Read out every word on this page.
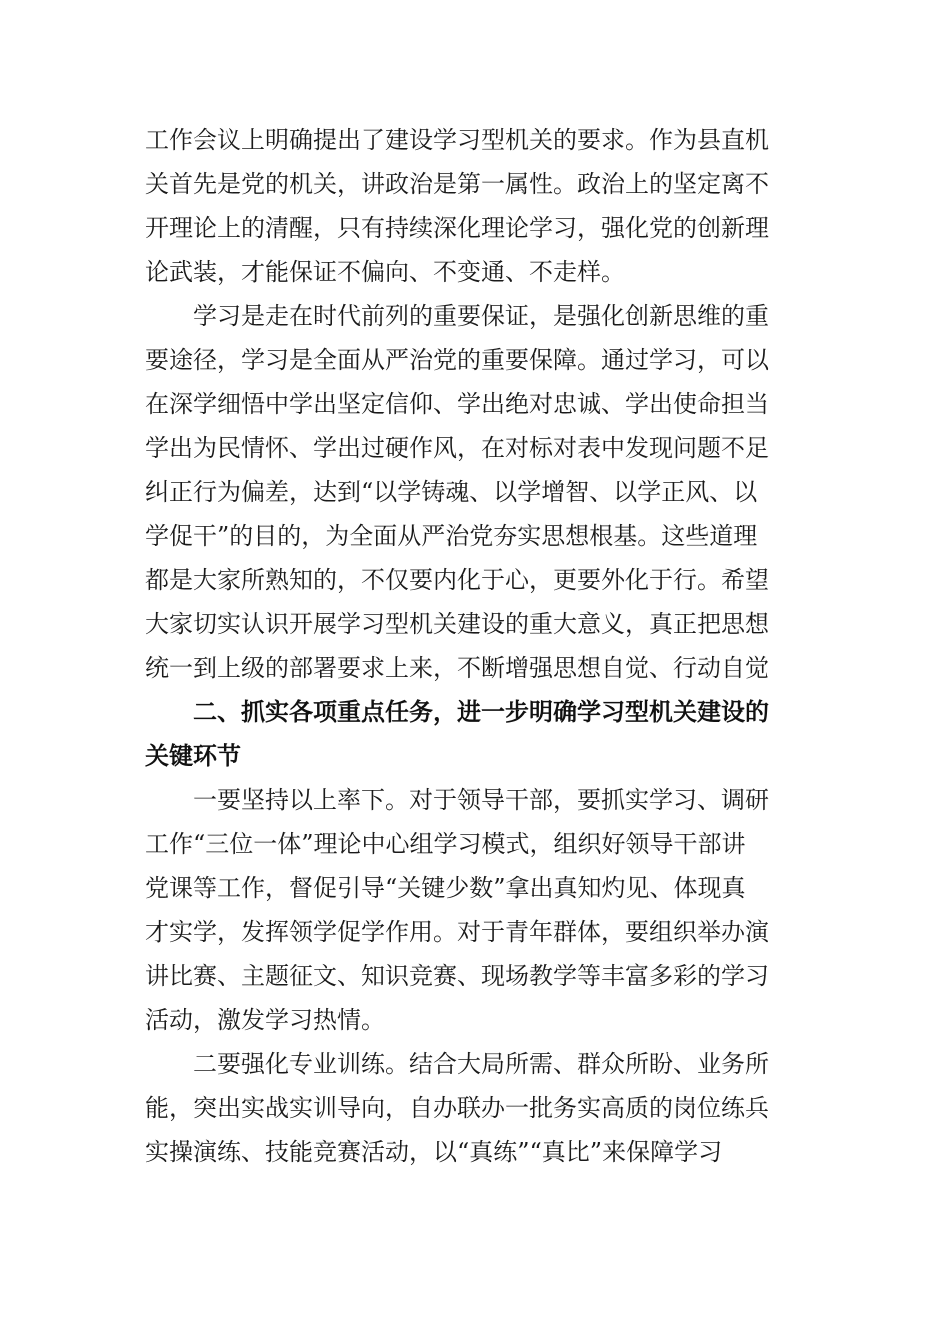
工作会议上明确提出了建设学习型机关的要求。作为县直机
关首先是党的机关，讲政治是第一属性。政治上的坚定离不
开理论上的清醒，只有持续深化理论学习，强化党的创新理
论武装，才能保证不偏向、不变通、不走样。
学习是走在时代前列的重要保证，是强化创新思维的重
要途径，学习是全面从严治党的重要保障。通过学习，可以
在深学细悟中学出坚定信仰、学出绝对忠诚、学出使命担当
学出为民情怀、学出过硬作风，在对标对表中发现问题不足
纠正行为偏差，达到“以学铸魂、以学增智、以学正风、以
学促干”的目的，为全面从严治党夯实思想根基。这些道理
都是大家所熟知的，不仅要内化于心，更要外化于行。希望
大家切实认识开展学习型机关建设的重大意义，真正把思想
统一到上级的部署要求上来，不断增强思想自觉、行动自觉
二、抓实各项重点任务，进一步明确学习型机关建设的
关键环节
一要坚持以上率下。对于领导干部，要抓实学习、调研
工作“三位一体”理论中心组学习模式，组织好领导干部讲
党课等工作，督促引导“关键少数”拿出真知灼见、体现真
才实学，发挥领学促学作用。对于青年群体，要组织举办演
讲比赛、主题征文、知识竞赛、现场教学等丰富多彩的学习
活动，激发学习热情。
二要强化专业训练。结合大局所需、群众所盼、业务所
能，突出实战实训导向，自办联办一批务实高质的岗位练兵
实操演练、技能竞赛活动，以“真练”“真比”来保障学习
